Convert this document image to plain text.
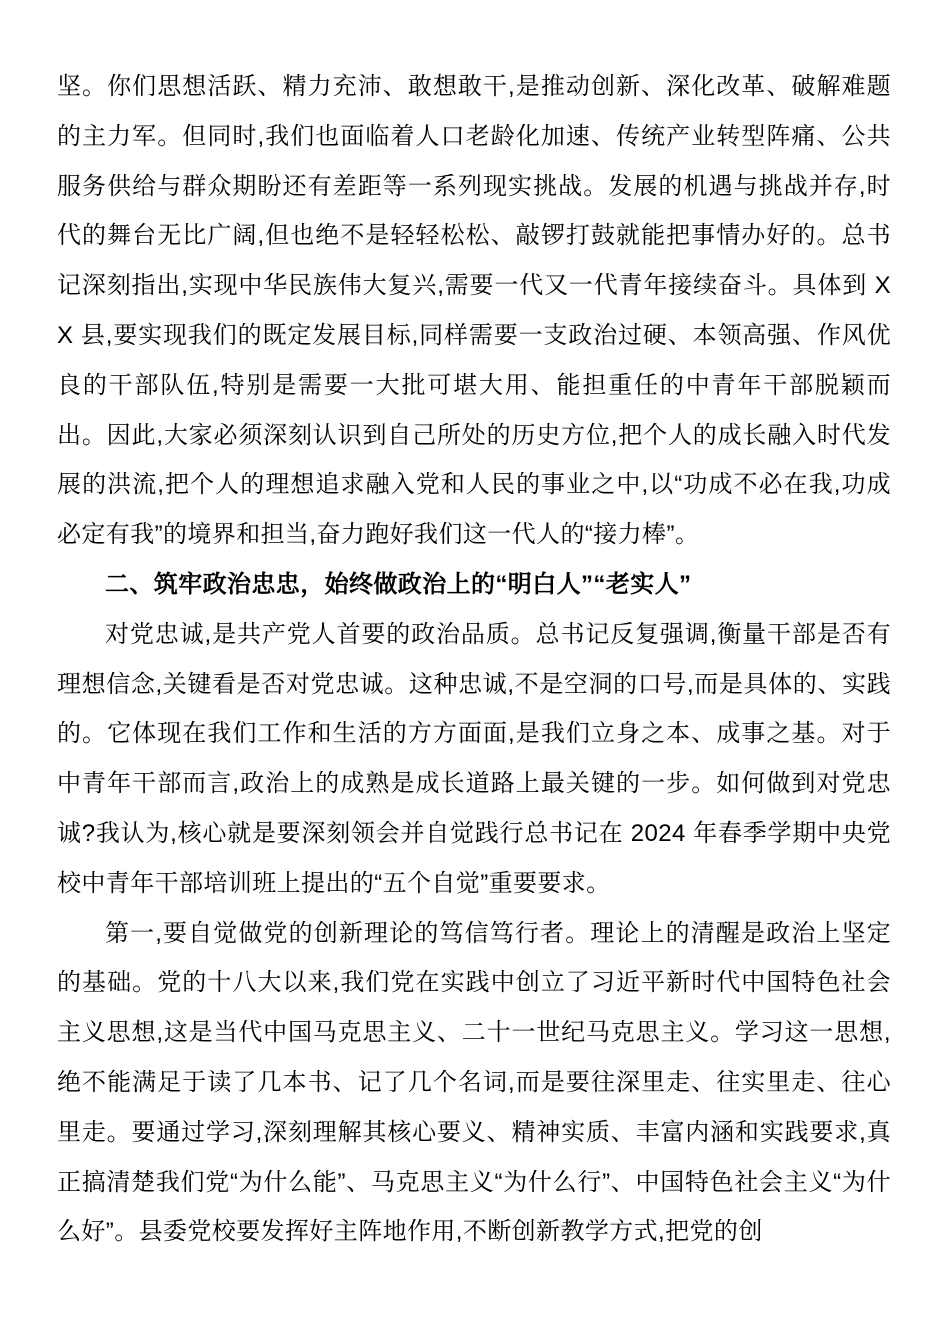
坚。你们思想活跃、精力充沛、敢想敢干,是推动创新、深化改革、破解难题的主力军。但同时,我们也面临着人口老龄化加速、传统产业转型阵痛、公共服务供给与群众期盼还有差距等一系列现实挑战。发展的机遇与挑战并存,时代的舞台无比广阔,但也绝不是轻轻松松、敲锣打鼓就能把事情办好的。总书记深刻指出,实现中华民族伟大复兴,需要一代又一代青年接续奋斗。具体到 XX 县,要实现我们的既定发展目标,同样需要一支政治过硬、本领高强、作风优良的干部队伍,特别是需要一大批可堪大用、能担重任的中青年干部脱颖而出。因此,大家必须深刻认识到自己所处的历史方位,把个人的成长融入时代发展的洪流,把个人的理想追求融入党和人民的事业之中,以“功成不必在我,功成必定有我”的境界和担当,奋力跑好我们这一代人的“接力棒”。

二、筑牢政治忠忠，始终做政治上的“明白人”“老实人”

对党忠诚,是共产党人首要的政治品质。总书记反复强调,衡量干部是否有理想信念,关键看是否对党忠诚。这种忠诚,不是空洞的口号,而是具体的、实践的。它体现在我们工作和生活的方方面面,是我们立身之本、成事之基。对于中青年干部而言,政治上的成熟是成长道路上最关键的一步。如何做到对党忠诚?我认为,核心就是要深刻领会并自觉践行总书记在 2024 年春季学期中央党校中青年干部培训班上提出的“五个自觉”重要要求。

第一,要自觉做党的创新理论的笃信笃行者。理论上的清醒是政治上坚定的基础。党的十八大以来,我们党在实践中创立了习近平新时代中国特色社会主义思想,这是当代中国马克思主义、二十一世纪马克思主义。学习这一思想,绝不能满足于读了几本书、记了几个名词,而是要往深里走、往实里走、往心里走。要通过学习,深刻理解其核心要义、精神实质、丰富内涵和实践要求,真正搞清楚我们党“为什么能”、马克思主义“为什么行”、中国特色社会主义“为什么好”。县委党校要发挥好主阵地作用,不断创新教学方式,把党的创
